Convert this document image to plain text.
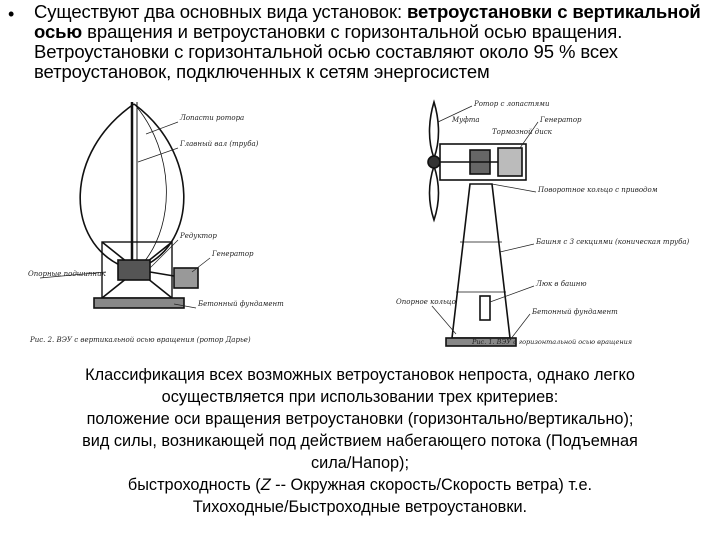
• Существуют два основных вида установок: ветроустановки с вертикальной осью вращения и ветроустановки с горизонтальной осью вращения. Ветроустановки с горизонтальной осью составляют около 95 % всех ветроустановок, подключенных к сетям энергосистем
Лопасти ротора
Главный вал (труба)
Редуктор
Генератор
Опорные подшипник
Бетонный фундамент
Рис. 2. ВЭУ с вертикальной осью вращения (ротор Дарье)
Ротор с лопастями
Муфта
Тормозной диск
Генератор
Поворотное кольцо с приводом
Башня с 3 секциями (коническая труба)
Люк в башню
Опорное кольцо
Бетонный фундамент
Рис. 1. ВЭУ с горизонтальной осью вращения
Классификация всех возможных ветроустановок непроста, однако легко
осуществляется при использовании трех критериев:
положение оси вращения ветроустановки (горизонтально/вертикально);
вид силы, возникающей под действием набегающего потока (Подъемная
сила/Напор);
быстроходность (Z -- Окружная скорость/Скорость ветра) т.е.
Тихоходные/Быстроходные ветроустановки.
